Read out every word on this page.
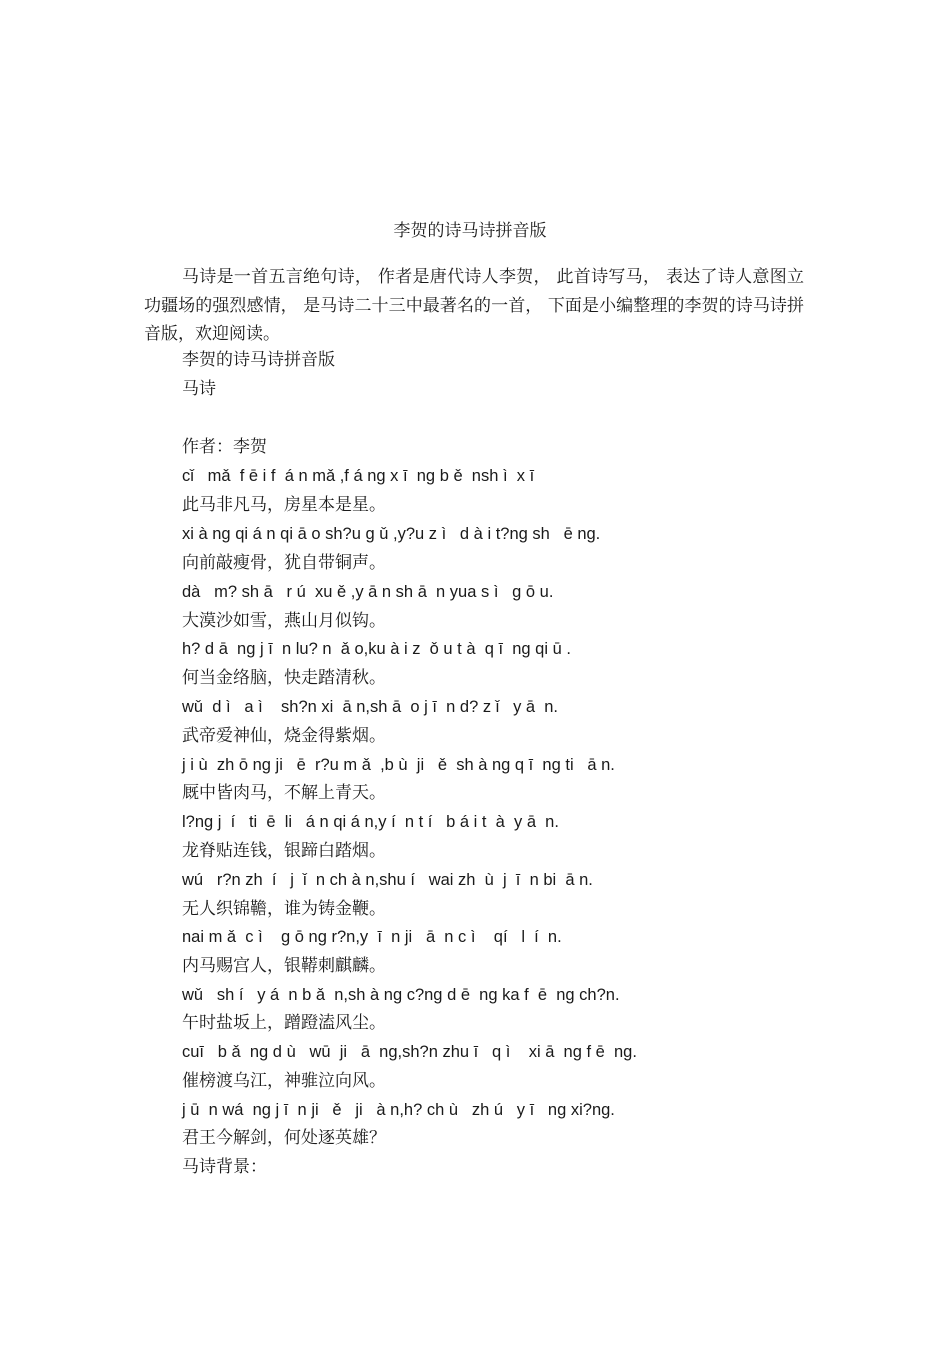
李贺的诗马诗拼音版

马诗是一首五言绝句诗， 作者是唐代诗人李贺， 此首诗写马， 表达了诗人意图立功疆场的强烈感情， 是马诗二十三中最著名的一首， 下面是小编整理的李贺的诗马诗拼音版，欢迎阅读。

李贺的诗马诗拼音版
马诗
作者：李贺
cǐ   mǎ  f ē i f  á n mǎ ,f á ng x ī  ng b ě  nsh ì  x ī
此马非凡马，房星本是星。
xi à ng qi á n qi ā o sh?u g ǔ ,y?u z ì   d à i t?ng sh   ē ng.
向前敲瘦骨，犹自带铜声。
dà   m? sh ā   r ú  xu ě ,y ā n sh ā  n yua s ì   g ō u.
大漠沙如雪，燕山月似钩。
h? d ā  ng j ī  n lu? n  ǎ o,ku à i z  ǒ u t à  q ī  ng qi ū .
何当金络脑，快走踏清秋。
wǔ  d ì   a ì    sh?n xi  ā n,sh ā  o j ī  n d? z ǐ   y ā  n.
武帝爱神仙，烧金得紫烟。
j i ù  zh ō ng ji   ē  r?u m ǎ  ,b ù  ji   ě  sh à ng q ī  ng ti   ā n.
厩中皆肉马，不解上青天。
l?ng j  í   ti  ē  li   á n qi á n,y í  n t í   b á i t  à  y ā  n.
龙脊贴连钱，银蹄白踏烟。
wú   r?n zh  í   j  ǐ  n ch à n,shu í   wai zh  ù  j  ī  n bi  ā n.
无人织锦韂，谁为铸金鞭。
nai m ǎ  c ì    g ō ng r?n,y  ī  n ji   ā  n c ì    qí   l  í  n.
内马赐宫人，银鞯刺麒麟。
wǔ   sh í   y á  n b ǎ  n,sh à ng c?ng d ē  ng ka f  ē  ng ch?n.
午时盐坂上，蹭蹬溘风尘。
cuī   b ǎ  ng d ù   wū  ji   ā  ng,sh?n zhu ī   q ì    xi ā  ng f ē  ng.
催榜渡乌江，神骓泣向风。
j ū  n wá  ng j ī  n ji   ě   ji   à n,h? ch ù   zh ú   y ī   ng xi?ng.
君王今解剑，何处逐英雄？
马诗背景：
